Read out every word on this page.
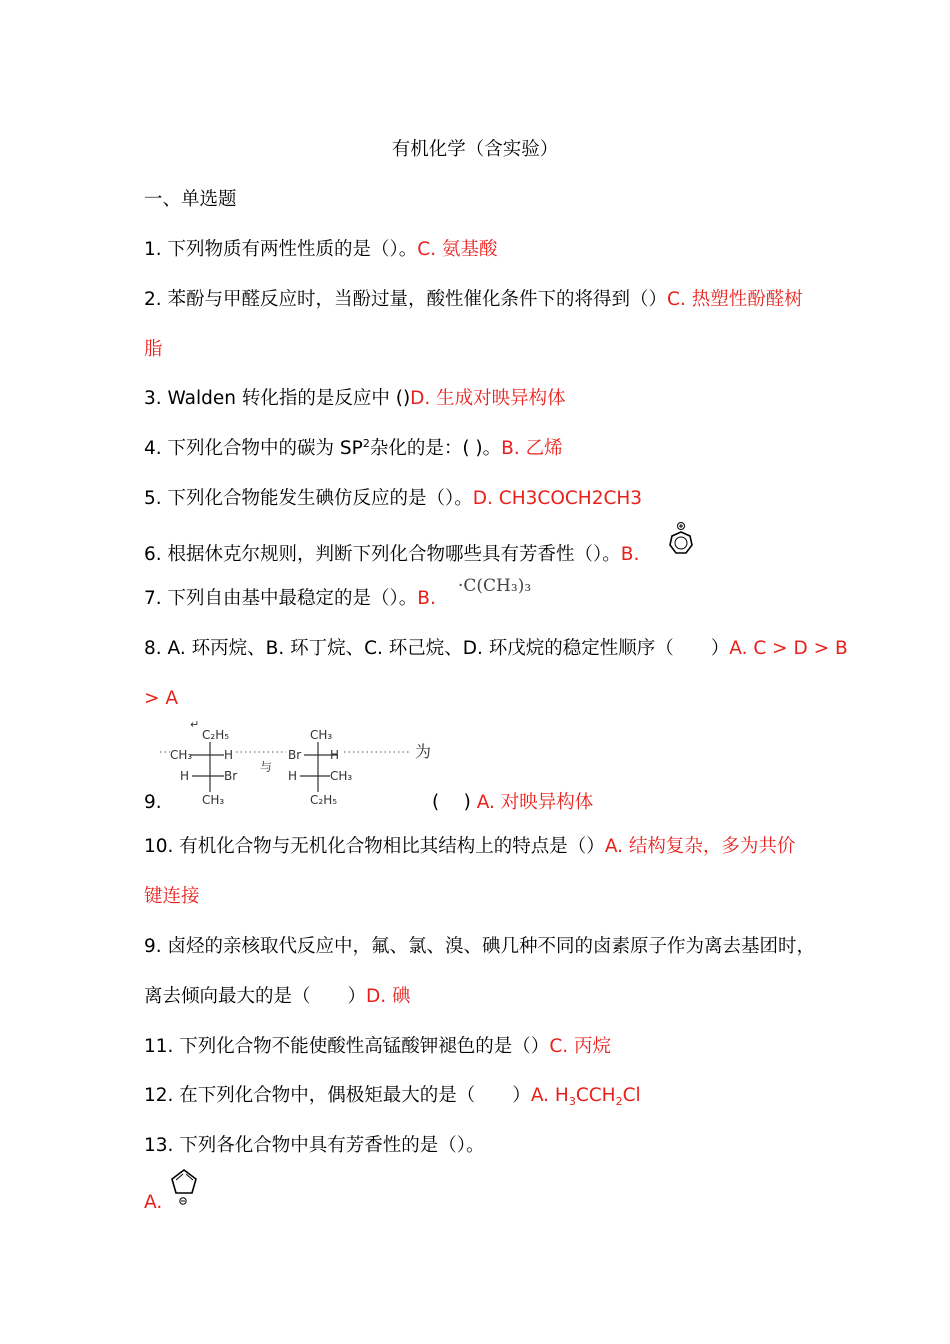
有机化学（含实验）
一、单选题
1. 下列物质有两性性质的是（）。C. 氨基酸
2. 苯酚与甲醛反应时，当酚过量，酸性催化条件下的将得到（）C. 热塑性酚醛树
脂
3. Walden 转化指的是反应中 ()D. 生成对映异构体
4. 下列化合物中的碳为 $SP^2$杂化的是：( )。B. 乙烯
5. 下列化合物能发生碘仿反应的是（）。D. CH3COCH2CH3
6. 根据休克尔规则，判断下列化合物哪些具有芳香性（）。B.
7. 下列自由基中最稳定的是（）。B.
·C(CH₃)₃
8. A. 环丙烷、B. 环丁烷、C. 环己烷、D. 环戊烷的稳定性顺序（　　）A. C > D > B
> A
↵
C₂H₅
CH₃	H
H	Br
CH₃
与
CH₃
Br H
H	CH₃
C₂H₅
为
9.	(　 ) A. 对映异构体
10. 有机化合物与无机化合物相比其结构上的特点是（）A. 结构复杂，多为共价
键连接
9. 卤烃的亲核取代反应中，氟、氯、溴、碘几种不同的卤素原子作为离去基团时，
离去倾向最大的是（　　）D. 碘
11. 下列化合物不能使酸性高锰酸钾褪色的是（）C. 丙烷
12. 在下列化合物中，偶极矩最大的是（　　）A. $H_3CCH_2Cl$
13. 下列各化合物中具有芳香性的是（）。
A.
